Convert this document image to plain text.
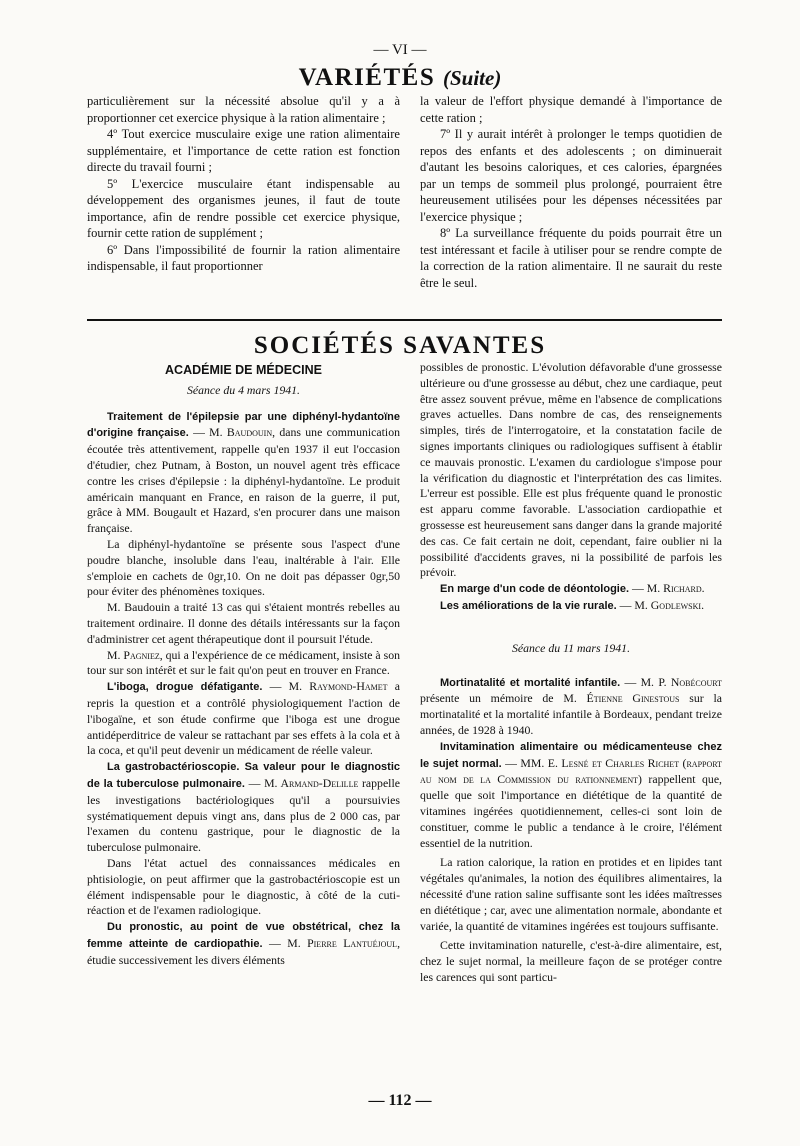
— VI —
VARIÉTÉS (Suite)

particulièrement sur la nécessité absolue qu'il y a à proportionner cet exercice physique à la ration alimentaire ;

4º Tout exercice musculaire exige une ration alimentaire supplémentaire, et l'importance de cette ration est fonction directe du travail fourni ;

5º L'exercice musculaire étant indispensable au développement des organismes jeunes, il faut de toute importance, afin de rendre possible cet exercice physique, fournir cette ration de supplément ;

6º Dans l'impossibilité de fournir la ration alimentaire indispensable, il faut proportionner

la valeur de l'effort physique demandé à l'importance de cette ration ;

7º Il y aurait intérêt à prolonger le temps quotidien de repos des enfants et des adolescents ; on diminuerait d'autant les besoins caloriques, et ces calories, épargnées par un temps de sommeil plus prolongé, pourraient être heureusement utilisées pour les dépenses nécessitées par l'exercice physique ;

8º La surveillance fréquente du poids pourrait être un test intéressant et facile à utiliser pour se rendre compte de la correction de la ration alimentaire. Il ne saurait du reste être le seul.

SOCIÉTÉS SAVANTES
ACADÉMIE DE MÉDECINE
Séance du 4 mars 1941.

Traitement de l'épilepsie par une diphényl-hydantoïne d'origine française. — M. Baudouin, dans une communication écoutée très attentivement, rappelle qu'en 1937 il eut l'occasion d'étudier, chez Putnam, à Boston, un nouvel agent très efficace contre les crises d'épilepsie : la diphényl-hydantoïne. Le produit américain manquant en France, en raison de la guerre, il put, grâce à MM. Bougault et Hazard, s'en procurer dans une maison française.

La diphényl-hydantoïne se présente sous l'aspect d'une poudre blanche, insoluble dans l'eau, inaltérable à l'air. Elle s'emploie en cachets de 0gr,10. On ne doit pas dépasser 0gr,50 pour éviter des phénomènes toxiques.

M. Baudouin a traité 13 cas qui s'étaient montrés rebelles au traitement ordinaire. Il donne des détails intéressants sur la façon d'administrer cet agent thérapeutique dont il poursuit l'étude.

M. Pagniez, qui a l'expérience de ce médicament, insiste à son tour sur son intérêt et sur le fait qu'on peut en trouver en France.

L'iboga, drogue défatigante. — M. Raymond-Hamet a repris la question et a contrôlé physiologiquement l'action de l'ibogaïne, et son étude confirme que l'iboga est une drogue antidéperditrice de valeur se rattachant par ses effets à la cola et à la coca, et qu'il peut devenir un médicament de réelle valeur.

La gastrobactérioscopie. Sa valeur pour le diagnostic de la tuberculose pulmonaire. — M. Armand-Delille rappelle les investigations bactériologiques qu'il a poursuivies systématiquement depuis vingt ans, dans plus de 2 000 cas, par l'examen du contenu gastrique, pour le diagnostic de la tuberculose pulmonaire.

Dans l'état actuel des connaissances médicales en phtisiologie, on peut affirmer que la gastrobactérioscopie est un élément indispensable pour le diagnostic, à côté de la cuti-réaction et de l'examen radiologique.

Du pronostic, au point de vue obstétrical, chez la femme atteinte de cardiopathie. — M. Pierre Lantuéjoul, étudie successivement les divers éléments

possibles de pronostic. L'évolution défavorable d'une grossesse ultérieure ou d'une grossesse au début, chez une cardiaque, peut être assez souvent prévue, même en l'absence de complications graves actuelles. Dans nombre de cas, des renseignements simples, tirés de l'interrogatoire, et la constatation facile de signes importants cliniques ou radiologiques suffisent à établir ce mauvais pronostic. L'examen du cardiologue s'impose pour la vérification du diagnostic et l'interprétation des cas limites. L'erreur est possible. Elle est plus fréquente quand le pronostic est apparu comme favorable. L'association cardiopathie et grossesse est heureusement sans danger dans la grande majorité des cas. Ce fait certain ne doit, cependant, faire oublier ni la possibilité d'accidents graves, ni la possibilité de parfois les prévoir.

En marge d'un code de déontologie. — M. Richard.

Les améliorations de la vie rurale. — M. Godlewski.

Séance du 11 mars 1941.

Mortinatalité et mortalité infantile. — M. P. Nobécourt présente un mémoire de M. Étienne Ginestous sur la mortinatalité et la mortalité infantile à Bordeaux, pendant treize années, de 1928 à 1940.

Invitamination alimentaire ou médicamenteuse chez le sujet normal. — MM. E. Lesné et Charles Richet (rapport au nom de la Commission du rationnement) rappellent que, quelle que soit l'importance en diététique de la quantité de vitamines ingérées quotidiennement, celles-ci sont loin de constituer, comme le public a tendance à le croire, l'élément essentiel de la nutrition.

La ration calorique, la ration en protides et en lipides tant végétales qu'animales, la notion des équilibres alimentaires, la nécessité d'une ration saline suffisante sont les idées maîtresses en diététique ; car, avec une alimentation normale, abondante et variée, la quantité de vitamines ingérées est toujours suffisante.

Cette invitamination naturelle, c'est-à-dire alimentaire, est, chez le sujet normal, la meilleure façon de se protéger contre les carences qui sont particu-

— 112 —
